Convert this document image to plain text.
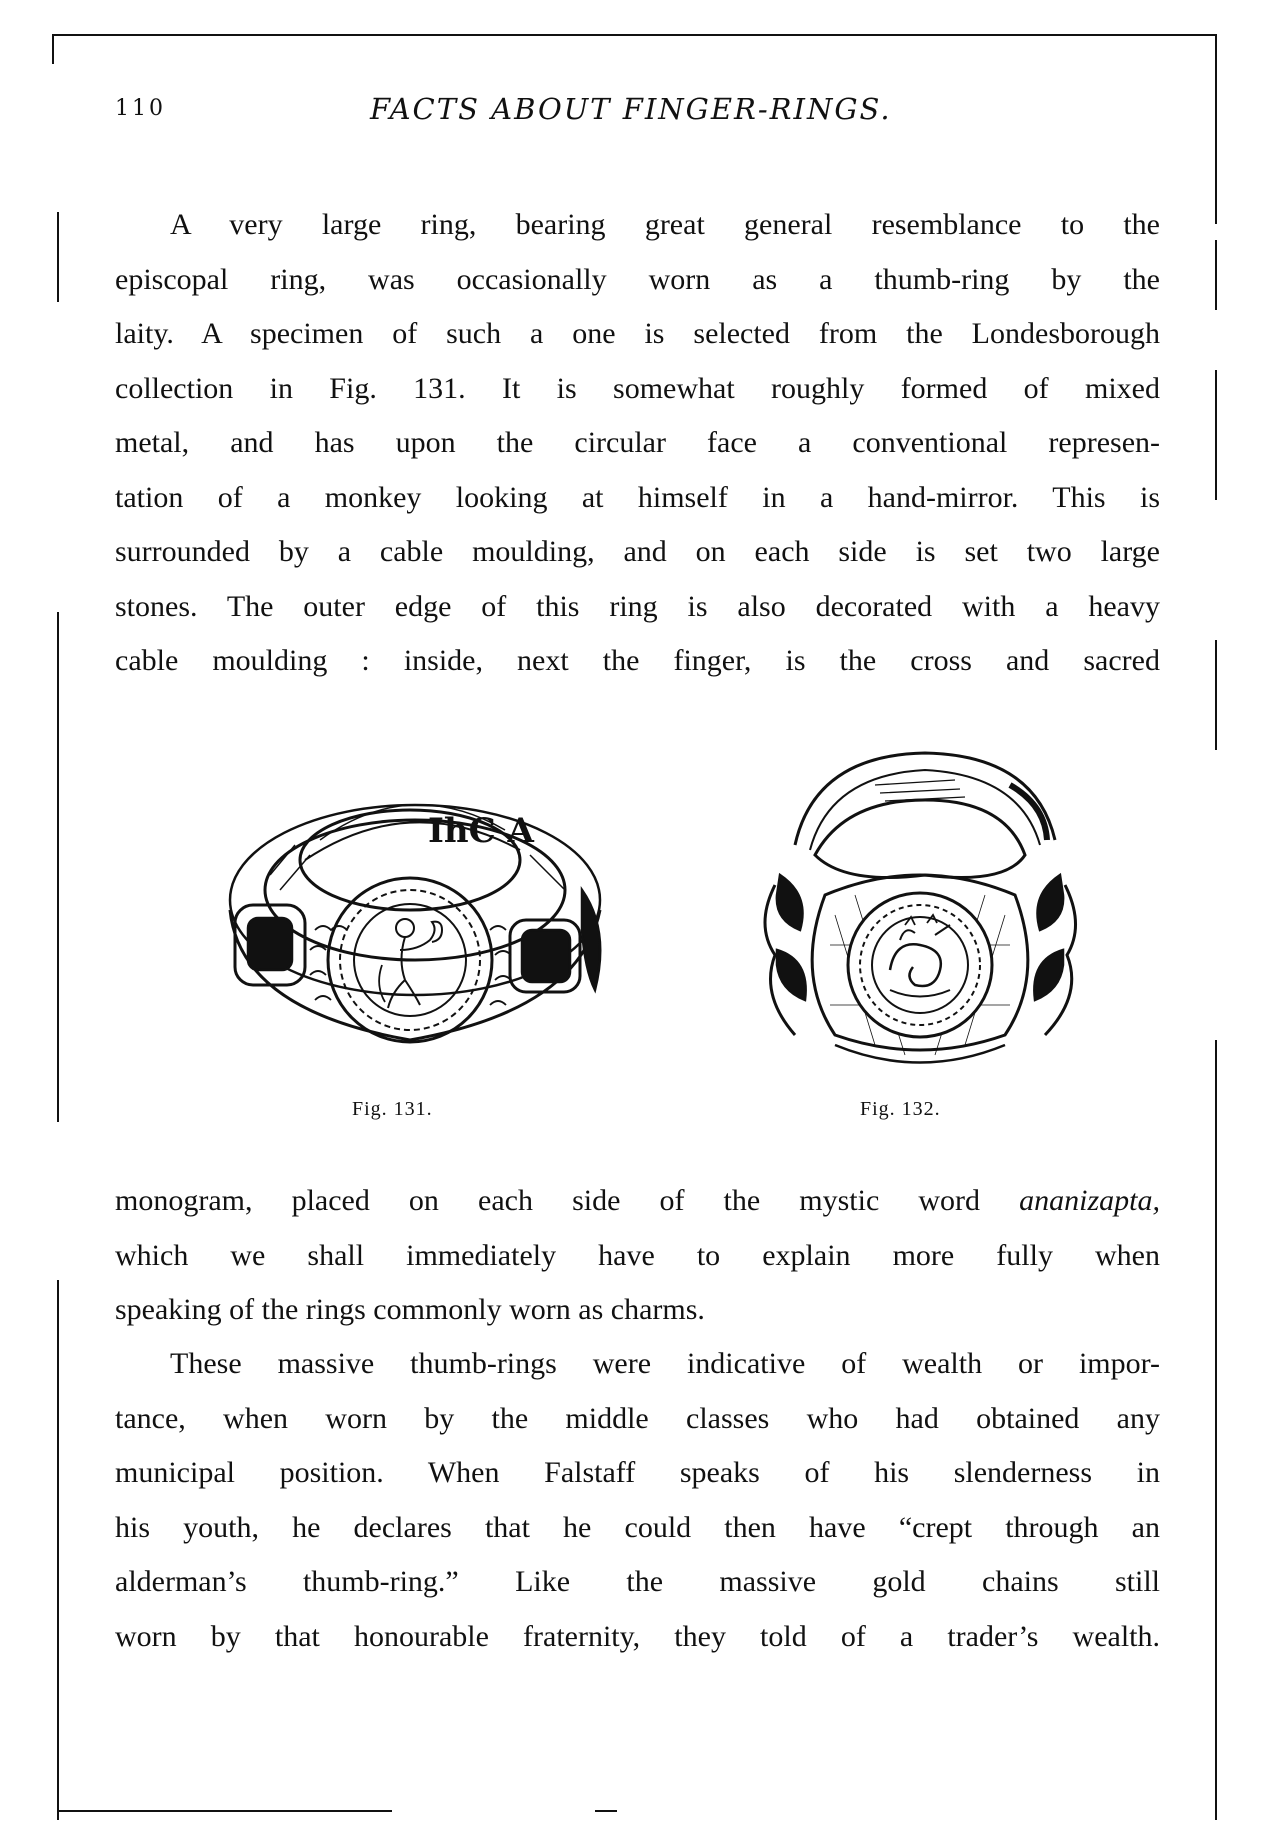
110	FACTS ABOUT FINGER-RINGS.
A very large ring, bearing great general resemblance to the
episcopal ring, was occasionally worn as a thumb-ring by the
laity. A specimen of such a one is selected from the Londesborough
collection in Fig. 131. It is somewhat roughly formed of mixed
metal, and has upon the circular face a conventional represen-
tation of a monkey looking at himself in a hand-mirror. This is
surrounded by a cable moulding, and on each side is set two large
stones. The outer edge of this ring is also decorated with a heavy
cable moulding : inside, next the finger, is the cross and sacred
IhC A
Fig. 131.	Fig. 132.
monogram, placed on each side of the mystic word ananizapta,
which we shall immediately have to explain more fully when
speaking of the rings commonly worn as charms.
These massive thumb-rings were indicative of wealth or impor-
tance, when worn by the middle classes who had obtained any
municipal position. When Falstaff speaks of his slenderness in
his youth, he declares that he could then have “crept through an
alderman’s thumb-ring.” Like the massive gold chains still
worn by that honourable fraternity, they told of a trader’s wealth.
